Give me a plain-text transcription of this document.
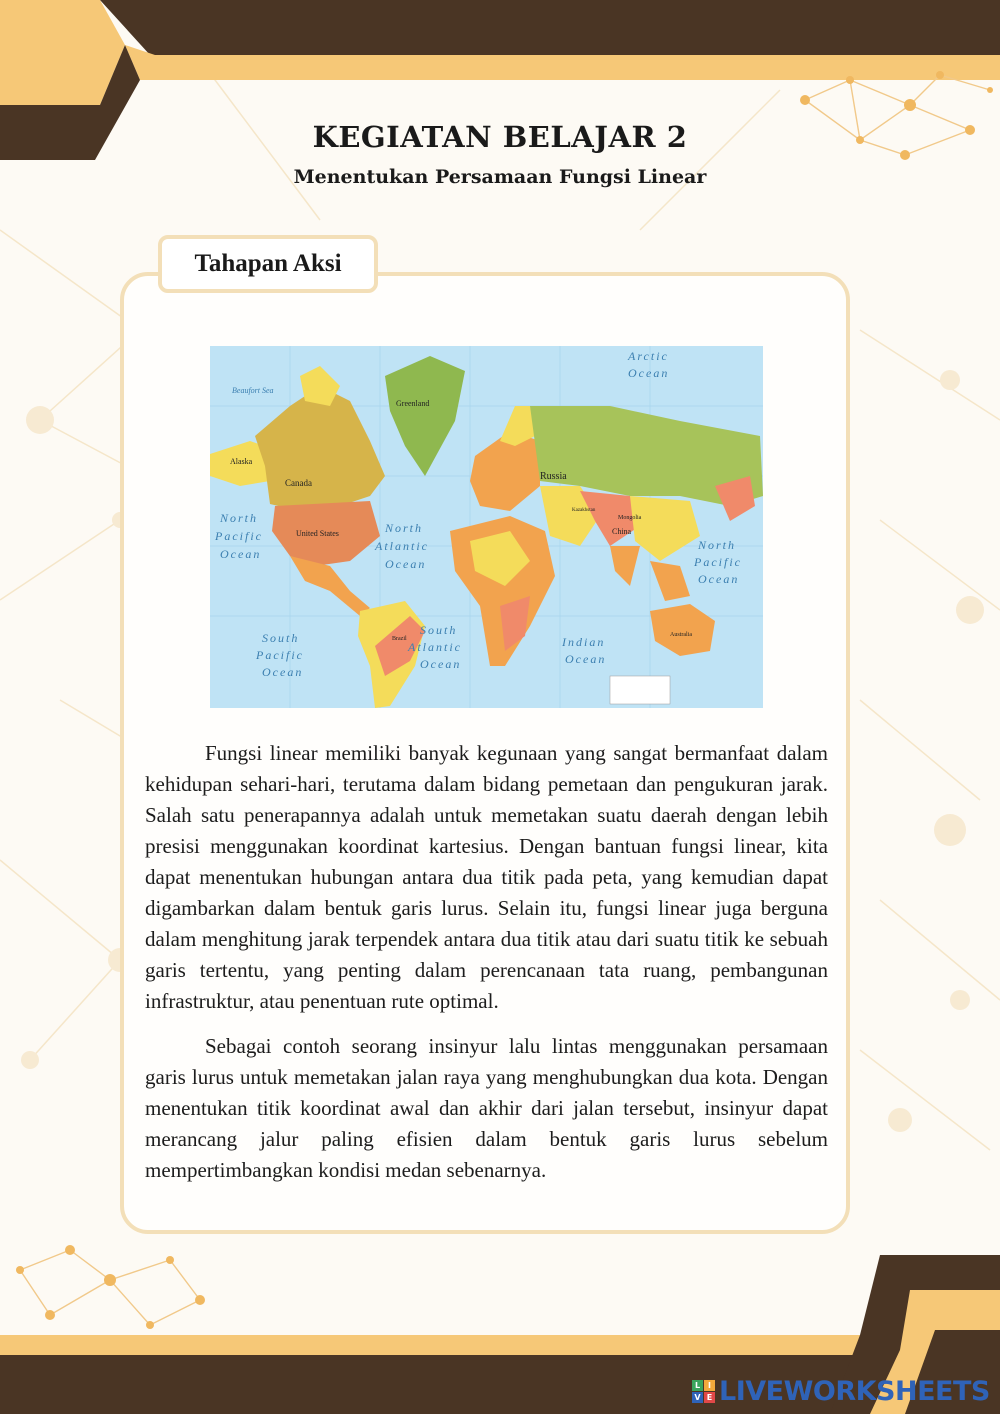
KEGIATAN BELAJAR 2
Menentukan Persamaan Fungsi Linear
Tahapan Aksi
Arctic
Ocean
North
Pacific
Ocean
North
Atlantic
Ocean
North
Pacific
Ocean
South
Pacific
Ocean
South
Atlantic
Ocean
Indian
Ocean
Beaufort Sea
Greenland
Canada
Alaska
United States
Russia
China
Mongolia
Kazakhstan
Brazil
Australia

Fungsi linear memiliki banyak kegunaan yang sangat bermanfaat dalam kehidupan sehari-hari, terutama dalam bidang pemetaan dan pengukuran jarak. Salah satu penerapannya adalah untuk memetakan suatu daerah dengan lebih presisi menggunakan koordinat kartesius. Dengan bantuan fungsi linear, kita dapat menentukan hubungan antara dua titik pada peta, yang kemudian dapat digambarkan dalam bentuk garis lurus. Selain itu, fungsi linear juga berguna dalam menghitung jarak terpendek antara dua titik atau dari suatu titik ke sebuah garis tertentu, yang penting dalam perencanaan tata ruang, pembangunan infrastruktur, atau penentuan rute optimal.

Sebagai contoh seorang insinyur lalu lintas menggunakan persamaan garis lurus untuk memetakan jalan raya yang menghubungkan dua kota. Dengan menentukan titik koordinat awal dan akhir dari jalan tersebut, insinyur dapat merancang jalur paling efisien dalam bentuk garis lurus sebelum mempertimbangkan kondisi medan sebenarnya.

L I
V E LIVEWORKSHEETS
